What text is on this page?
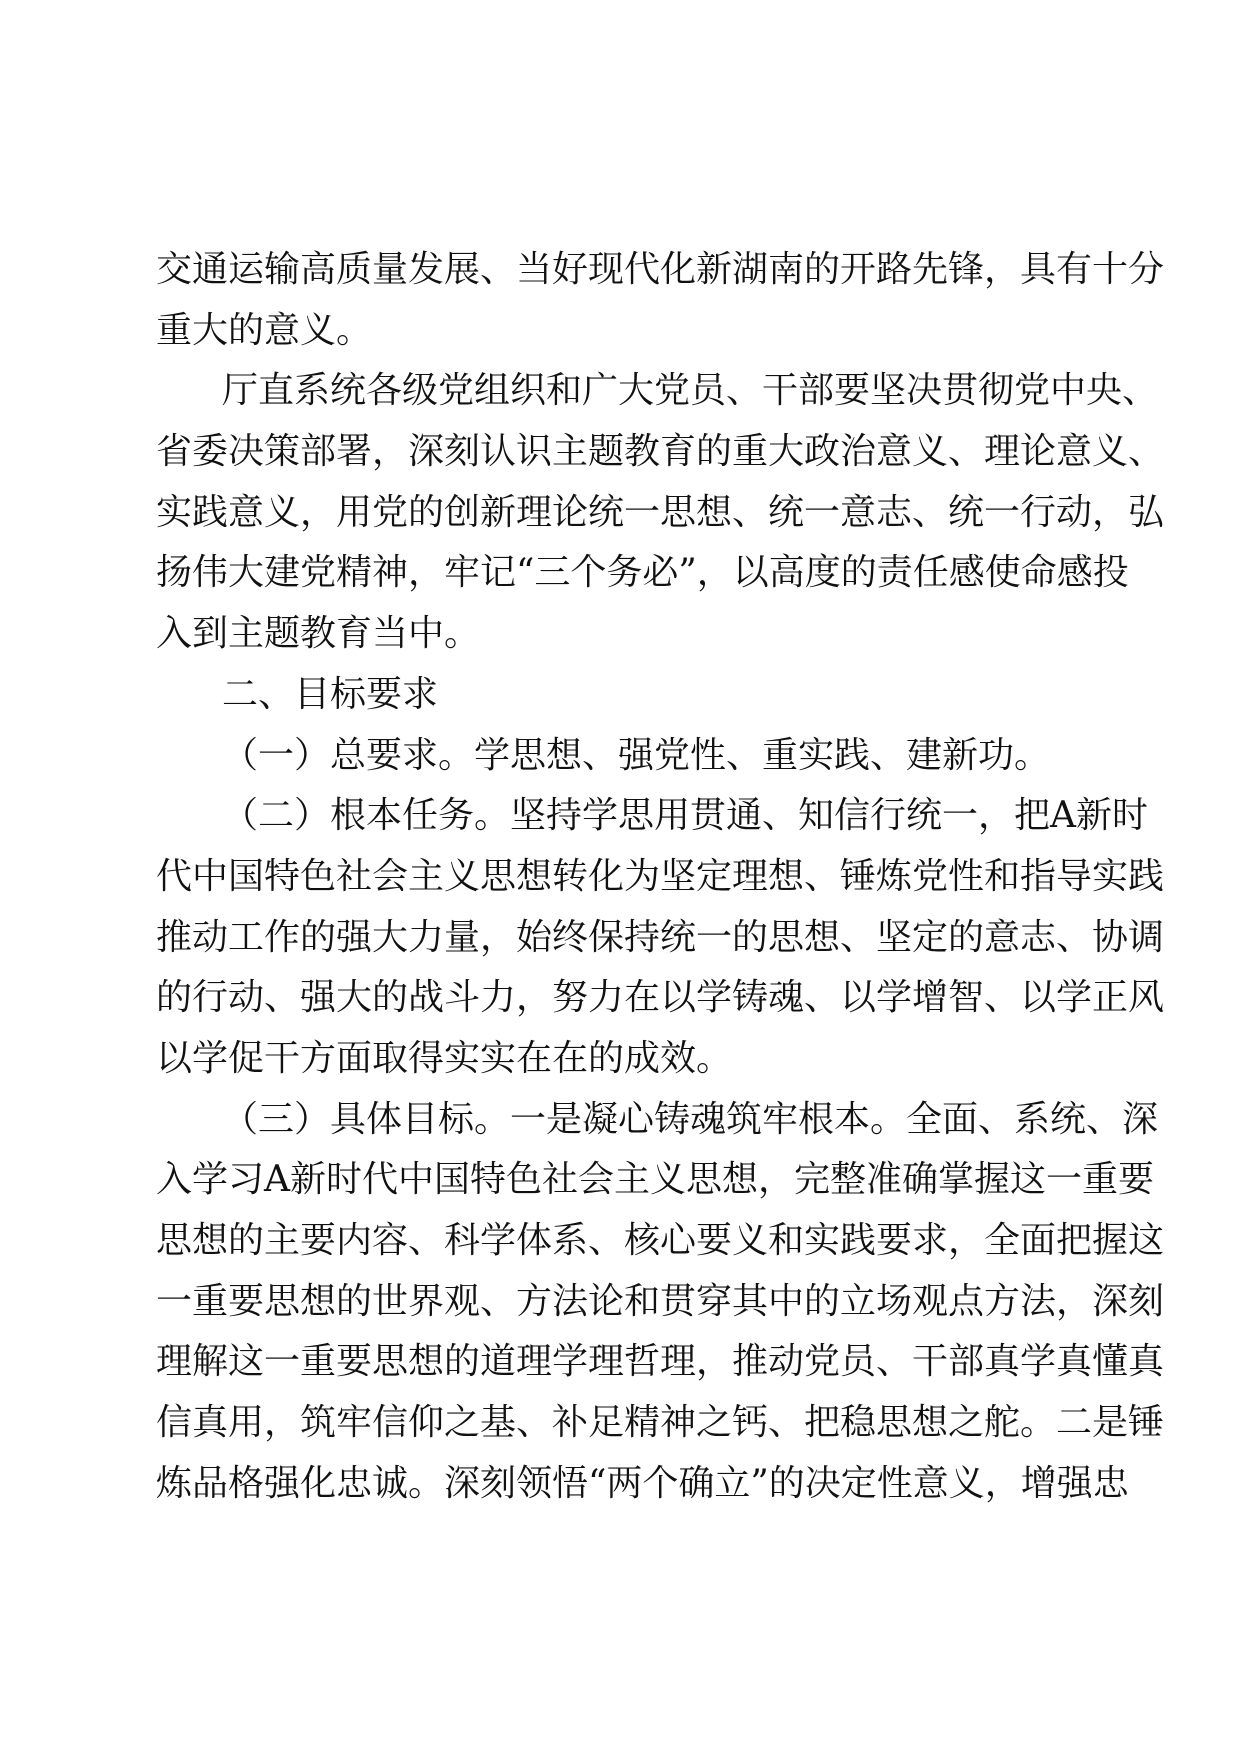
交通运输高质量发展、当好现代化新湖南的开路先锋，具有十分
重大的意义。
厅直系统各级党组织和广大党员、干部要坚决贯彻党中央、
省委决策部署，深刻认识主题教育的重大政治意义、理论意义、
实践意义，用党的创新理论统一思想、统一意志、统一行动，弘
扬伟大建党精神，牢记“三个务必”，以高度的责任感使命感投
入到主题教育当中。
二、目标要求
（一）总要求。学思想、强党性、重实践、建新功。
（二）根本任务。坚持学思用贯通、知信行统一，把A新时
代中国特色社会主义思想转化为坚定理想、锤炼党性和指导实践
推动工作的强大力量，始终保持统一的思想、坚定的意志、协调
的行动、强大的战斗力，努力在以学铸魂、以学增智、以学正风
以学促干方面取得实实在在的成效。
（三）具体目标。一是凝心铸魂筑牢根本。全面、系统、深
入学习A新时代中国特色社会主义思想，完整准确掌握这一重要
思想的主要内容、科学体系、核心要义和实践要求，全面把握这
一重要思想的世界观、方法论和贯穿其中的立场观点方法，深刻
理解这一重要思想的道理学理哲理，推动党员、干部真学真懂真
信真用，筑牢信仰之基、补足精神之钙、把稳思想之舵。二是锤
炼品格强化忠诚。深刻领悟“两个确立”的决定性意义，增强忠
